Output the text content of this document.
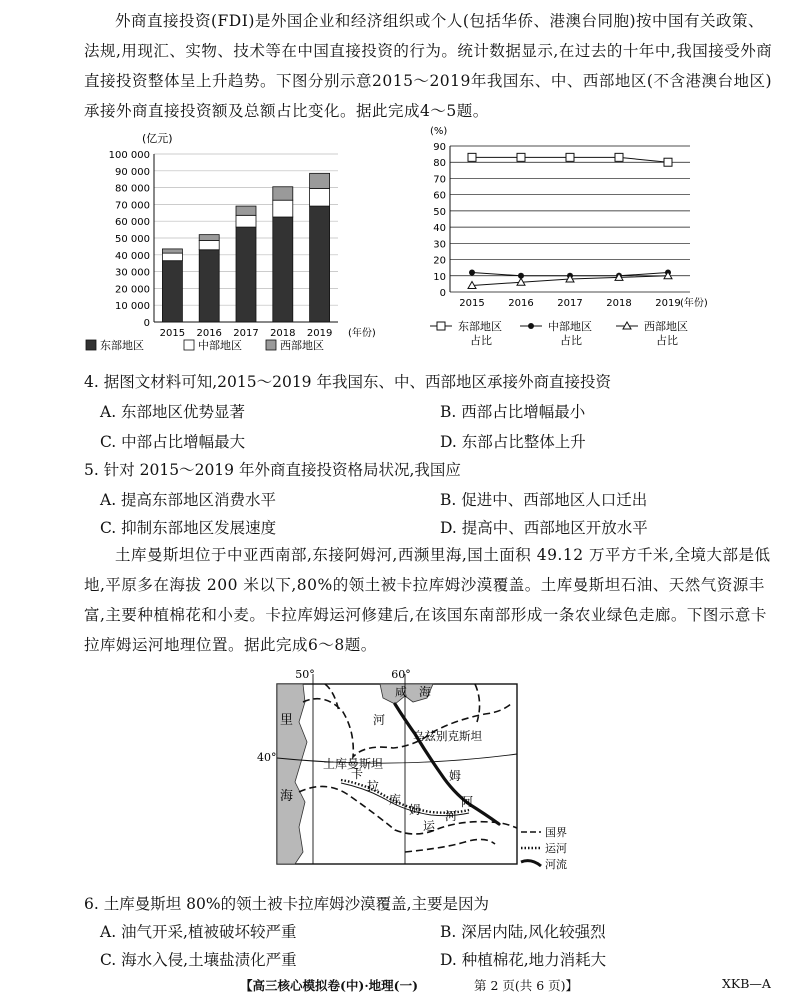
外商直接投资(FDI)是外国企业和经济组织或个人(包括华侨、港澳台同胞)按中国有关政策、法规,用现汇、实物、技术等在中国直接投资的行为。统计数据显示,在过去的十年中,我国接受外商直接投资整体呈上升趋势。下图分别示意2015～2019年我国东、中、西部地区(不含港澳台地区)承接外商直接投资额及总额占比变化。据此完成4～5题。

(亿元)
0
10 000
20 000
30 000
40 000
50 000
60 000
70 000
80 000
90 000
100 000
2015 2016 2017 2018 2019 (年份)
东部地区	中部地区	西部地区
(%)
0
10
20
30
40
50
60
70
80
90
2015 2016 2017 2018 2019 (年份)
东部地区
占比
中部地区
占比
西部地区
占比

4. 据图文材料可知,2015～2019 年我国东、中、西部地区承接外商直接投资

A. 东部地区优势显著	B. 西部占比增幅最小

C. 中部占比增幅最大	D. 东部占比整体上升

5. 针对 2015～2019 年外商直接投资格局状况,我国应

A. 提高东部地区消费水平	B. 促进中、西部地区人口迁出

C. 抑制东部地区发展速度	D. 提高中、西部地区开放水平

土库曼斯坦位于中亚西南部,东接阿姆河,西濒里海,国土面积 49.12 万平方千米,全境大部是低地,平原多在海拔 200 米以下,80%的领土被卡拉库姆沙漠覆盖。土库曼斯坦石油、天然气资源丰富,主要种植棉花和小麦。卡拉库姆运河修建后,在该国东南部形成一条农业绿色走廊。下图示意卡拉库姆运河地理位置。据此完成6～8题。

50°	60°
40°
里
海
咸 海
河
乌兹别克斯坦
土库曼斯坦
姆
阿
卡
拉
库
姆
运
河
国界
运河
河流

6. 土库曼斯坦 80%的领土被卡拉库姆沙漠覆盖,主要是因为

A. 油气开采,植被破坏较严重	B. 深居内陆,风化较强烈

C. 海水入侵,土壤盐渍化严重	D. 种植棉花,地力消耗大

【高三核心模拟卷(中)·地理(一)	第 2 页(共 6 页)】	XKB—A
